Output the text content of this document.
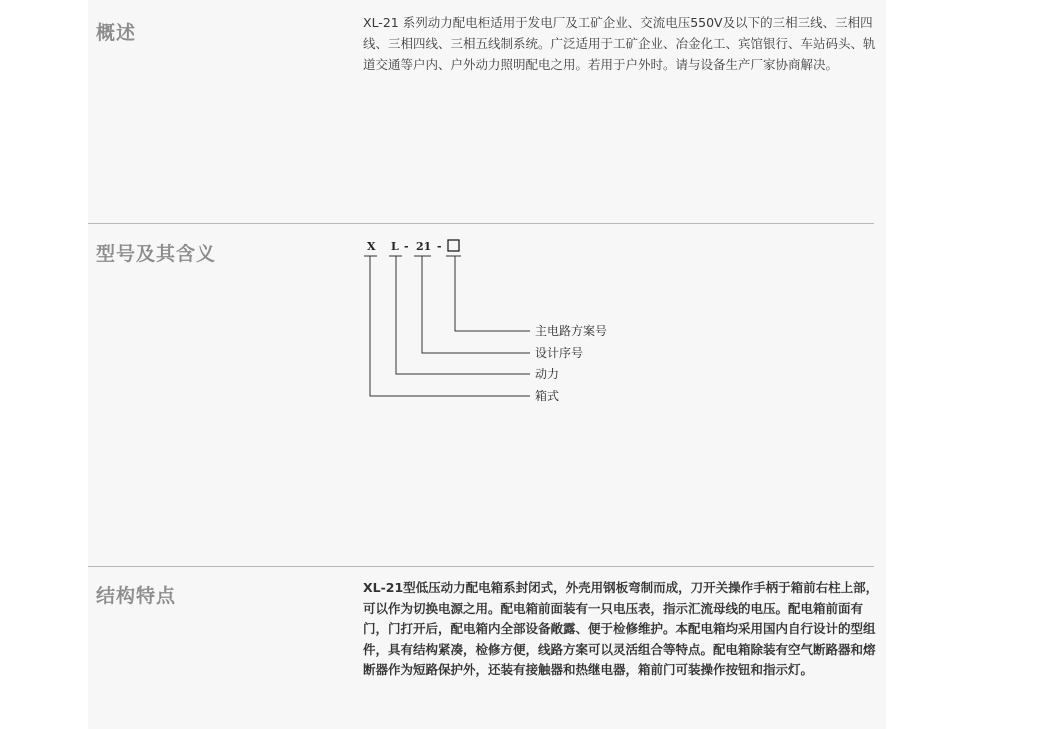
概述	XL-21 系列动力配电柜适用于发电厂及工矿企业、交流电压550V及以下的三相三线、三相四线、三相四线、三相五线制系统。广泛适用于工矿企业、冶金化工、宾馆银行、车站码头、轨道交通等户内、户外动力照明配电之用。若用于户外时。请与设备生产厂家协商解决。
型号及其含义	X L - 21 -
主电路方案号
设计序号
动力
箱式
结构特点	XL-21型低压动力配电箱系封闭式，外壳用钢板弯制而成，刀开关操作手柄于箱前右柱上部，可以作为切换电源之用。配电箱前面装有一只电压表，指示汇流母线的电压。配电箱前面有门，门打开后，配电箱内全部设备敞露、便于检修维护。本配电箱均采用国内自行设计的型组件，具有结构紧凑，检修方便，线路方案可以灵活组合等特点。配电箱除装有空气断路器和熔断器作为短路保护外，还装有接触器和热继电器，箱前门可装操作按钮和指示灯。
